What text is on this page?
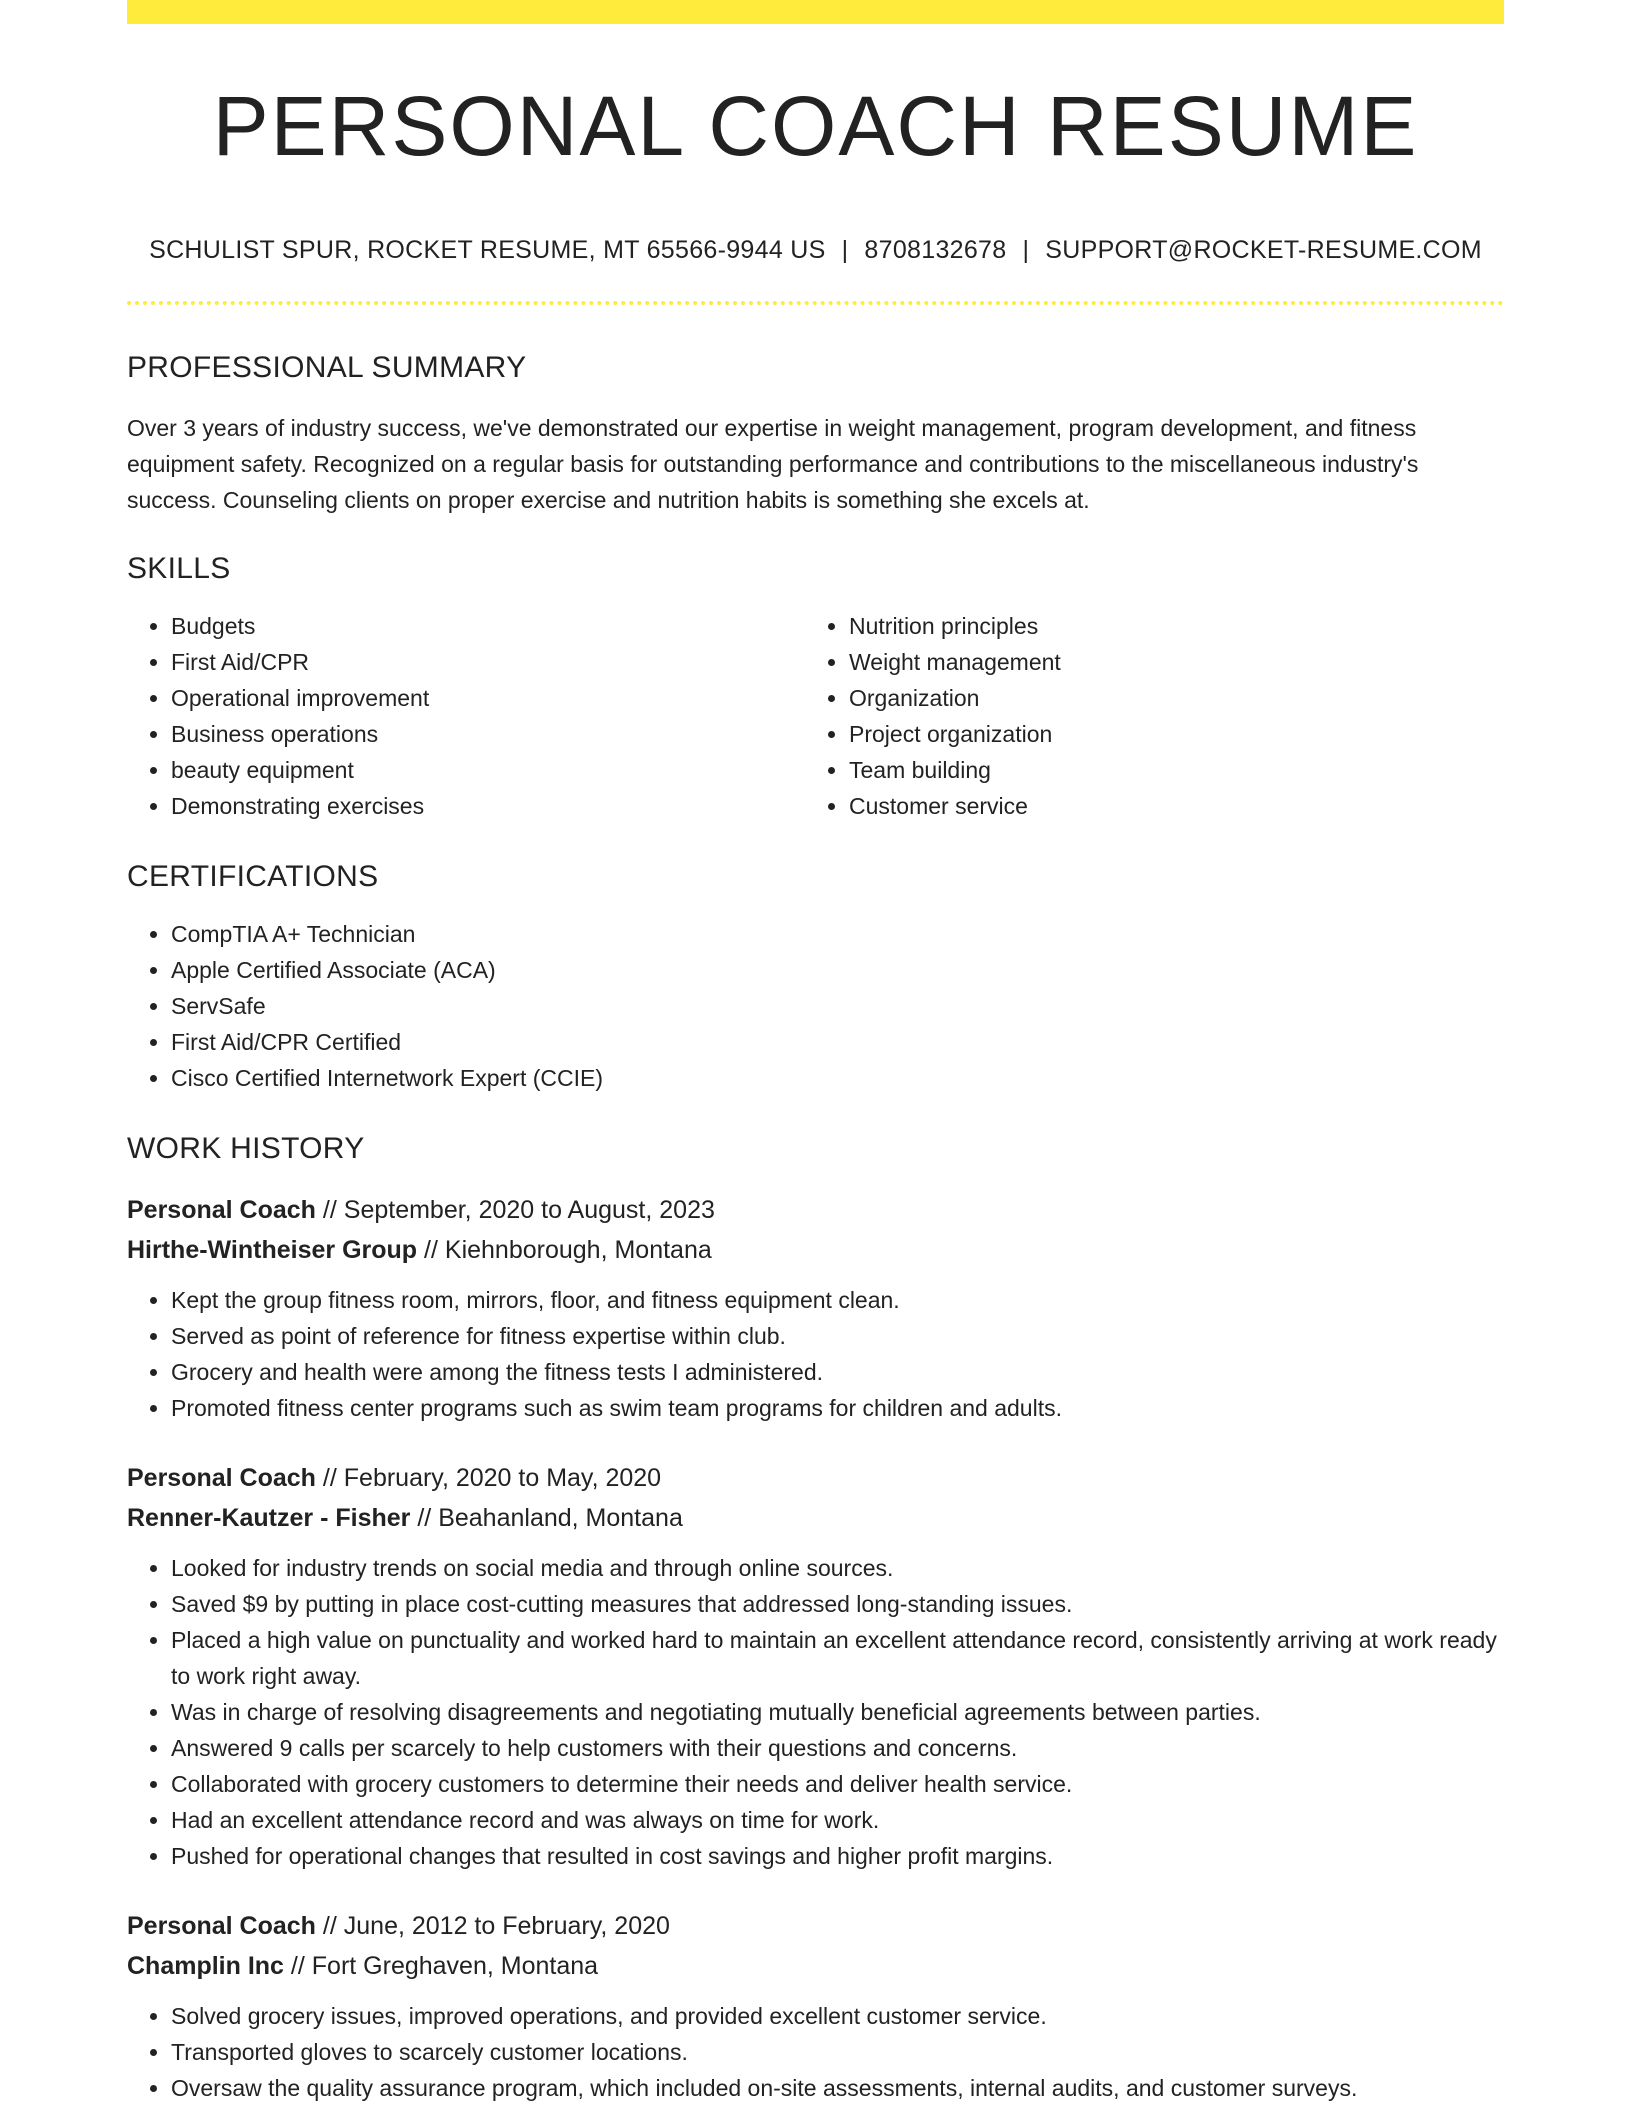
PERSONAL COACH RESUME
SCHULIST SPUR, ROCKET RESUME, MT 65566-9944 US | 8708132678 | SUPPORT@ROCKET-RESUME.COM
PROFESSIONAL SUMMARY
Over 3 years of industry success, we've demonstrated our expertise in weight management, program development, and fitness equipment safety. Recognized on a regular basis for outstanding performance and contributions to the miscellaneous industry's success. Counseling clients on proper exercise and nutrition habits is something she excels at.
SKILLS
• Budgets
• First Aid/CPR
• Operational improvement
• Business operations
• beauty equipment
• Demonstrating exercises
• Nutrition principles
• Weight management
• Organization
• Project organization
• Team building
• Customer service
CERTIFICATIONS
• CompTIA A+ Technician
• Apple Certified Associate (ACA)
• ServSafe
• First Aid/CPR Certified
• Cisco Certified Internetwork Expert (CCIE)
WORK HISTORY
Personal Coach // September, 2020 to August, 2023
Hirthe-Wintheiser Group // Kiehnborough, Montana
• Kept the group fitness room, mirrors, floor, and fitness equipment clean.
• Served as point of reference for fitness expertise within club.
• Grocery and health were among the fitness tests I administered.
• Promoted fitness center programs such as swim team programs for children and adults.
Personal Coach // February, 2020 to May, 2020
Renner-Kautzer - Fisher // Beahanland, Montana
• Looked for industry trends on social media and through online sources.
• Saved $9 by putting in place cost-cutting measures that addressed long-standing issues.
• Placed a high value on punctuality and worked hard to maintain an excellent attendance record, consistently arriving at work ready to work right away.
• Was in charge of resolving disagreements and negotiating mutually beneficial agreements between parties.
• Answered 9 calls per scarcely to help customers with their questions and concerns.
• Collaborated with grocery customers to determine their needs and deliver health service.
• Had an excellent attendance record and was always on time for work.
• Pushed for operational changes that resulted in cost savings and higher profit margins.
Personal Coach // June, 2012 to February, 2020
Champlin Inc // Fort Greghaven, Montana
• Solved grocery issues, improved operations, and provided excellent customer service.
• Transported gloves to scarcely customer locations.
• Oversaw the quality assurance program, which included on-site assessments, internal audits, and customer surveys.
